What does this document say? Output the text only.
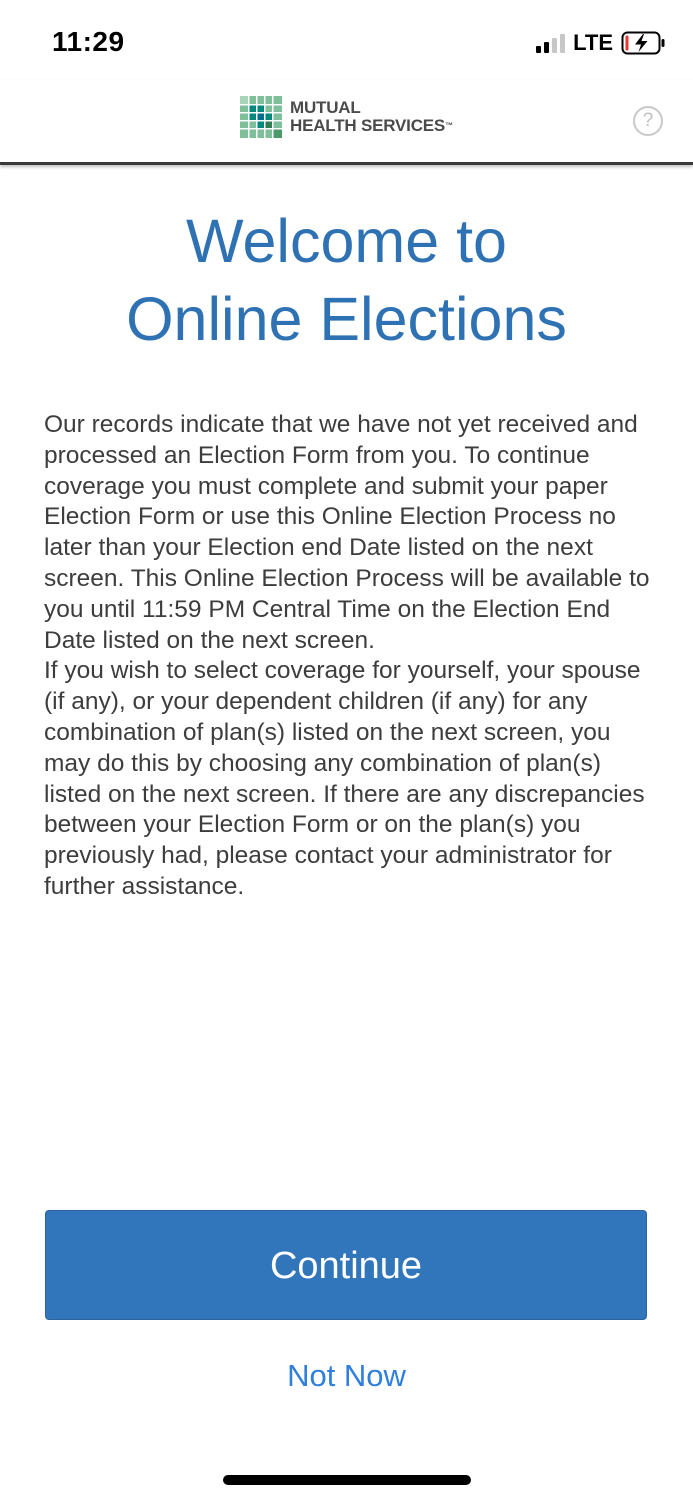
11:29	LTE
MUTUAL
HEALTH SERVICES™	?
Welcome to
Online Elections

Our records indicate that we have not yet received and processed an Election Form from you. To continue coverage you must complete and submit your paper Election Form or use this Online Election Process no later than your Election end Date listed on the next screen. This Online Election Process will be available to you until 11:59 PM Central Time on the Election End Date listed on the next screen.

If you wish to select coverage for yourself, your spouse (if any), or your dependent children (if any) for any combination of plan(s) listed on the next screen, you may do this by choosing any combination of plan(s) listed on the next screen. If there are any discrepancies between your Election Form or on the plan(s) you previously had, please contact your administrator for further assistance.

Continue
Not Now
